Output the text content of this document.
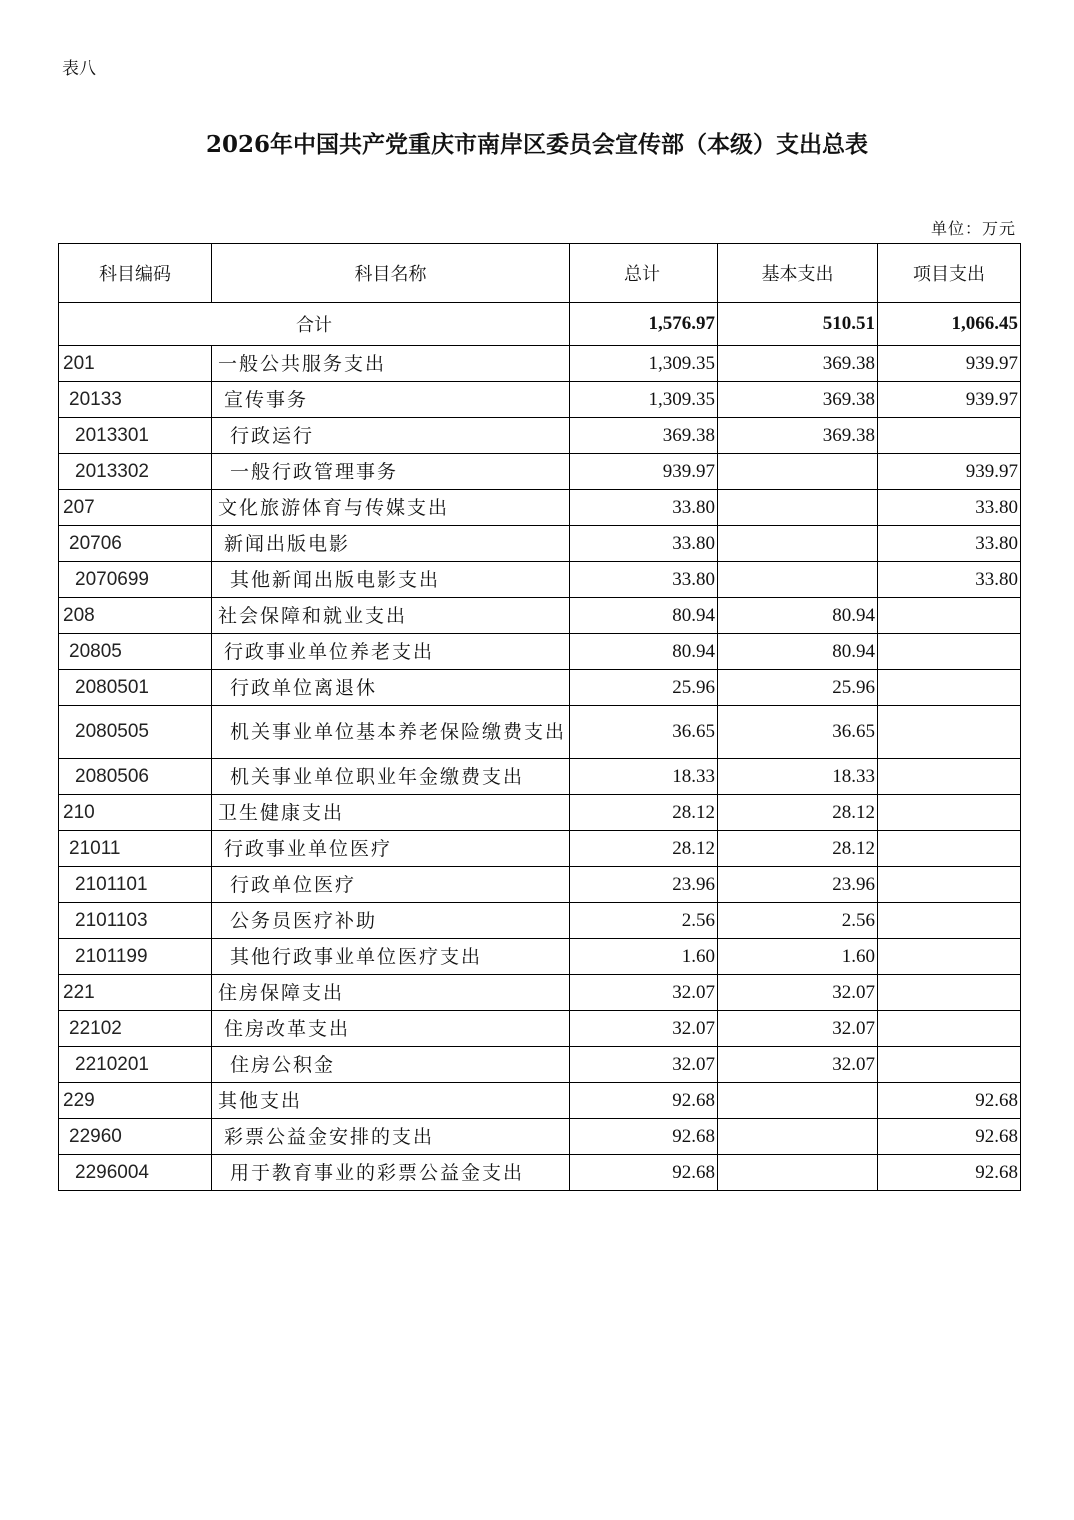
表八
2026年中国共产党重庆市南岸区委员会宣传部（本级）支出总表
单位：万元
科目编码	科目名称	总计	基本支出	项目支出
合计		1,576.97	510.51	1,066.45
201	一般公共服务支出	1,309.35	369.38	939.97
20133	宣传事务	1,309.35	369.38	939.97
2013301	行政运行	369.38	369.38	
2013302	一般行政管理事务	939.97		939.97
207	文化旅游体育与传媒支出	33.80		33.80
20706	新闻出版电影	33.80		33.80
2070699	其他新闻出版电影支出	33.80		33.80
208	社会保障和就业支出	80.94	80.94	
20805	行政事业单位养老支出	80.94	80.94	
2080501	行政单位离退休	25.96	25.96	
2080505	机关事业单位基本养老保险缴费支出	36.65	36.65	
2080506	机关事业单位职业年金缴费支出	18.33	18.33	
210	卫生健康支出	28.12	28.12	
21011	行政事业单位医疗	28.12	28.12	
2101101	行政单位医疗	23.96	23.96	
2101103	公务员医疗补助	2.56	2.56	
2101199	其他行政事业单位医疗支出	1.60	1.60	
221	住房保障支出	32.07	32.07	
22102	住房改革支出	32.07	32.07	
2210201	住房公积金	32.07	32.07	
229	其他支出	92.68		92.68
22960	彩票公益金安排的支出	92.68		92.68
2296004	用于教育事业的彩票公益金支出	92.68		92.68
